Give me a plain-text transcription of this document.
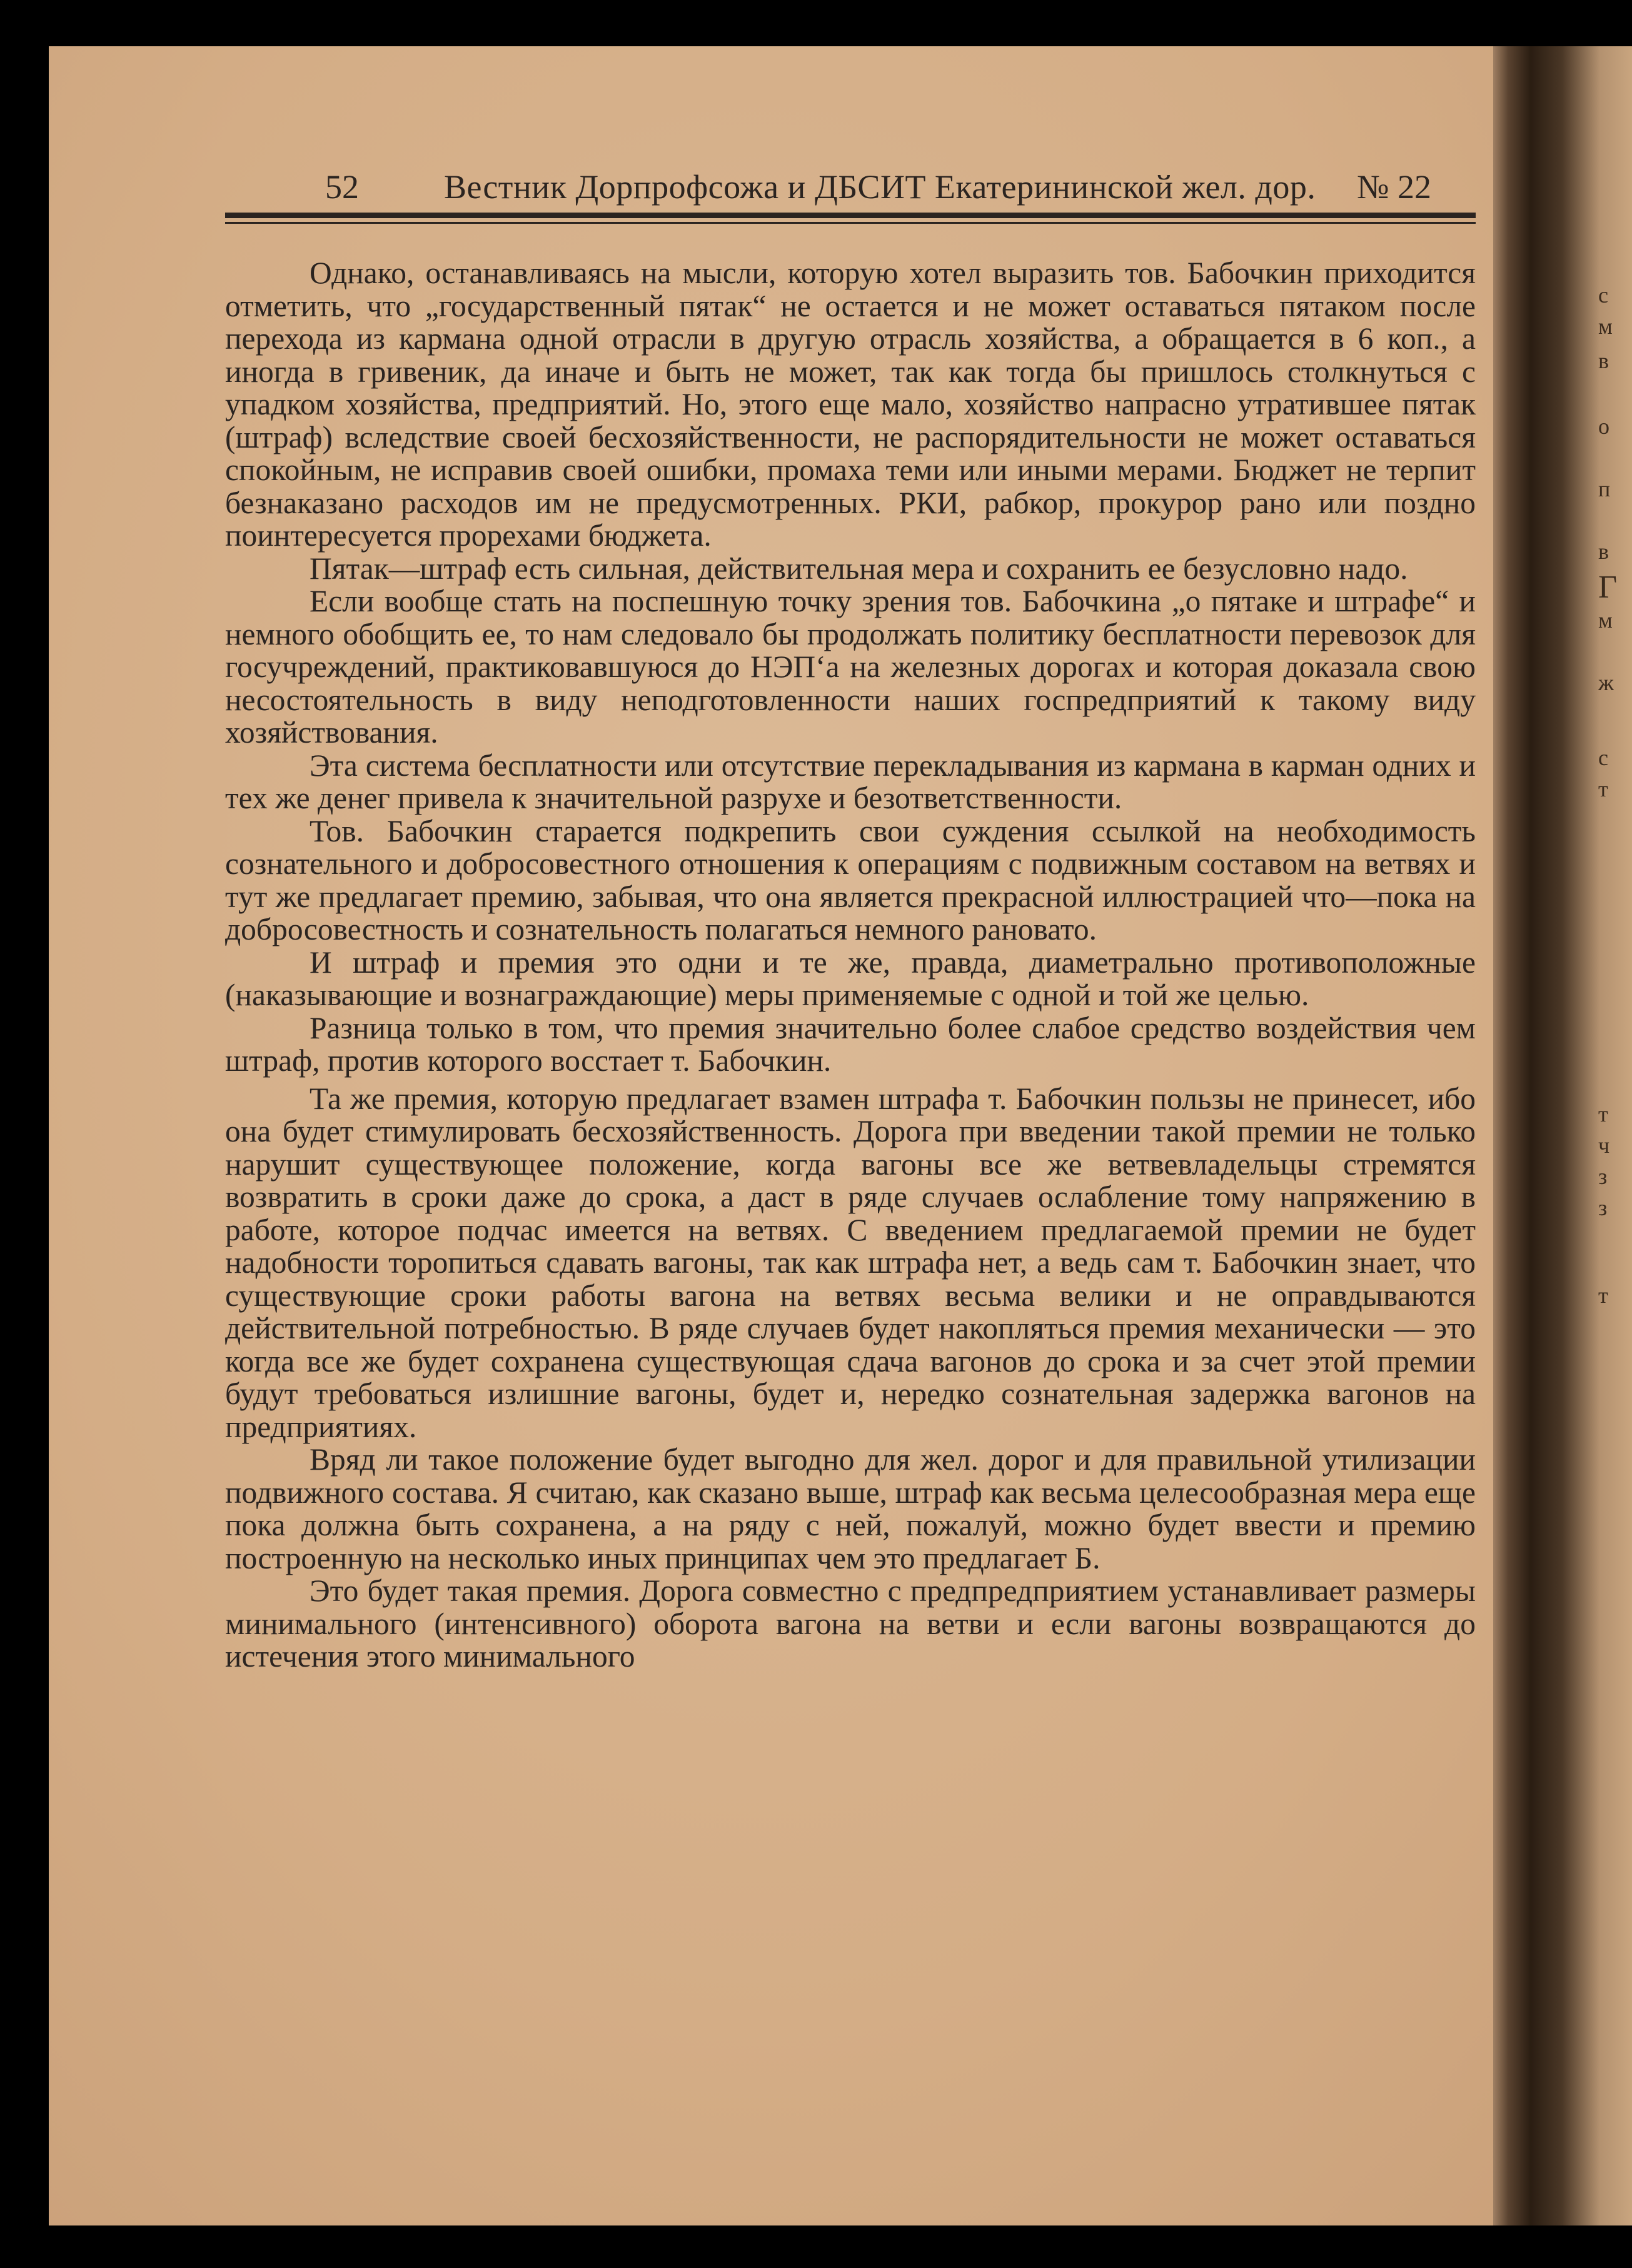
с
м
в
о
п
в
Г
м
ж
с
т
т
ч
з
з
т
52	Вестник Дорпрофсожа и ДБСИТ Екатерининской жел. дор. № 22

Однако, останавливаясь на мысли, которую хотел выразить тов. Бабочкин приходится отметить, что „государственный пятак“ не остается и не может оставаться пятаком после перехода из кармана одной отрасли в другую отрасль хозяйства, а обращается в 6 коп., а иногда в гривеник, да иначе и быть не может, так как тогда бы пришлось столкнуться с упадком хозяйства, предприятий. Но, этого еще мало, хозяйство напрасно утратившее пятак (штраф) вследствие своей бесхозяйственности, не распорядительности не может оставаться спокойным, не исправив своей ошибки, промаха теми или иными мерами. Бюджет не терпит безнаказано расходов им не предусмотренных. РКИ, рабкор, прокурор рано или поздно поинтересуется прорехами бюджета.

Пятак—штраф есть сильная, действительная мера и сохранить ее безусловно надо.

Если вообще стать на поспешную точку зрения тов. Бабочкина „о пятаке и штрафе“ и немного обобщить ее, то нам следовало бы продолжать политику бесплатности перевозок для госучреждений, практиковавшуюся до НЭП‘а на железных дорогах и которая доказала свою несостоятельность в виду неподготовленности наших госпредприятий к такому виду хозяйствования.

Эта система бесплатности или отсутствие перекладывания из кармана в карман одних и тех же денег привела к значительной разрухе и безответственности.

Тов. Бабочкин старается подкрепить свои суждения ссылкой на необходимость сознательного и добросовестного отношения к операциям с подвижным составом на ветвях и тут же предлагает премию, забывая, что она является прекрасной иллюстрацией что—пока на добросовестность и сознательность полагаться немного рановато.

И штраф и премия это одни и те же, правда, диаметрально противоположные (наказывающие и вознаграждающие) меры применяемые с одной и той же целью.

Разница только в том, что премия значительно более слабое средство воздействия чем штраф, против которого восстает т. Бабочкин.

Та же премия, которую предлагает взамен штрафа т. Бабочкин пользы не принесет, ибо она будет стимулировать бесхозяйственность. Дорога при введении такой премии не только нарушит существующее положение, когда вагоны все же ветвевладельцы стремятся возвратить в сроки даже до срока, а даст в ряде случаев ослабление тому напряжению в работе, которое подчас имеется на ветвях. С введением предлагаемой премии не будет надобности торопиться сдавать вагоны, так как штрафа нет, а ведь сам т. Бабочкин знает, что существующие сроки работы вагона на ветвях весьма велики и не оправдываются действительной потребностью. В ряде случаев будет накопляться премия механически — это когда все же будет сохранена существующая сдача вагонов до срока и за счет этой премии будут требоваться излишние вагоны, будет и, нередко сознательная задержка вагонов на предприятиях.

Вряд ли такое положение будет выгодно для жел. дорог и для правильной утилизации подвижного состава. Я считаю, как сказано выше, штраф как весьма целесообразная мера еще пока должна быть сохранена, а на ряду с ней, пожалуй, можно будет ввести и премию построенную на несколько иных принципах чем это предлагает Б.

Это будет такая премия. Дорога совместно с предпредприятием устанавливает размеры минимального (интенсивного) оборота вагона на ветви и если вагоны возвращаются до истечения этого минимального
